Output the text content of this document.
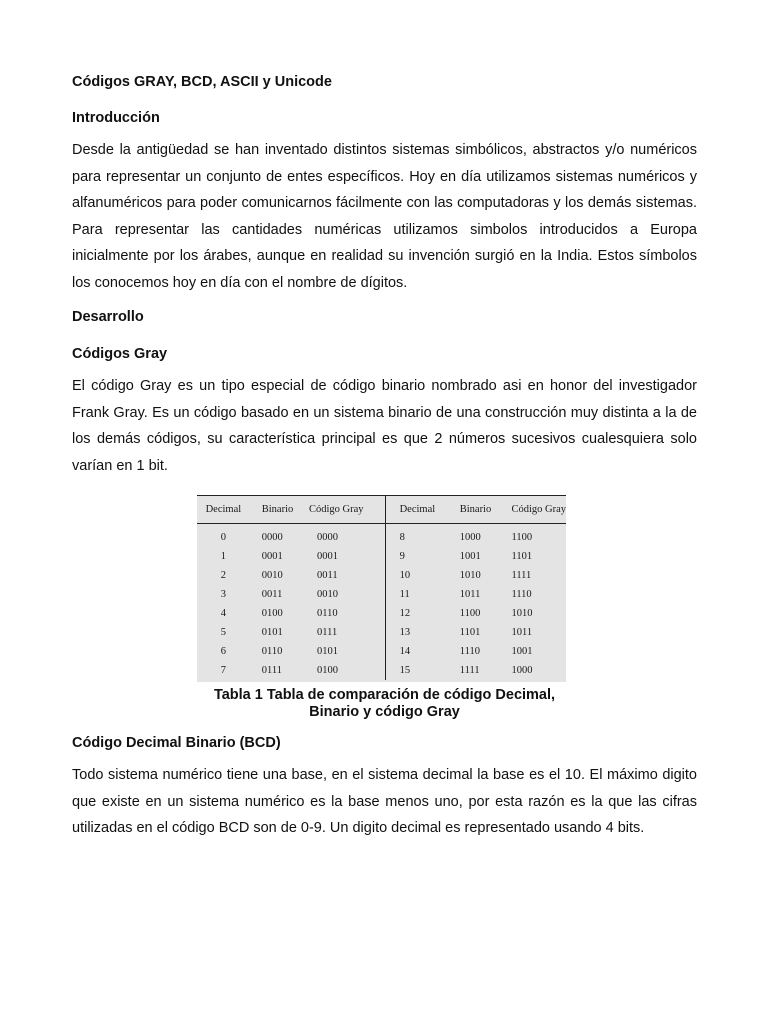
Códigos GRAY, BCD, ASCII y Unicode
Introducción

Desde la antigüedad se han inventado distintos sistemas simbólicos, abstractos y/o numéricos para representar un conjunto de entes específicos. Hoy en día utilizamos sistemas numéricos y alfanuméricos para poder comunicarnos fácilmente con las computadoras y los demás sistemas. Para representar las cantidades numéricas utilizamos simbolos introducidos a Europa inicialmente por los árabes, aunque en realidad su invención surgió en la India. Estos símbolos los conocemos hoy en día con el nombre de dígitos.

Desarrollo
Códigos Gray

El código Gray es un tipo especial de código binario nombrado asi en honor del investigador Frank Gray. Es un código basado en un sistema binario de una construcción muy distinta a la de los demás códigos, su característica principal es que 2 números sucesivos cualesquiera solo varían en 1 bit.

Decimal	Binario	Código Gray	Decimal	Binario	Código Gray
0	0000	0000	8	1000	1100
1	0001	0001	9	1001	1101
2	0010	0011	10	1010	1111
3	0011	0010	11	1011	1110
4	0100	0110	12	1100	1010
5	0101	0111	13	1101	1011
6	0110	0101	14	1110	1001
7	0111	0100	15	1111	1000
Tabla 1 Tabla de comparación de código Decimal,
Binario y código Gray
Código Decimal Binario (BCD)

Todo sistema numérico tiene una base, en el sistema decimal la base es el 10. El máximo digito que existe en un sistema numérico es la base menos uno, por esta razón es la que las cifras utilizadas en el código BCD son de 0-9. Un digito decimal es representado usando 4 bits.
